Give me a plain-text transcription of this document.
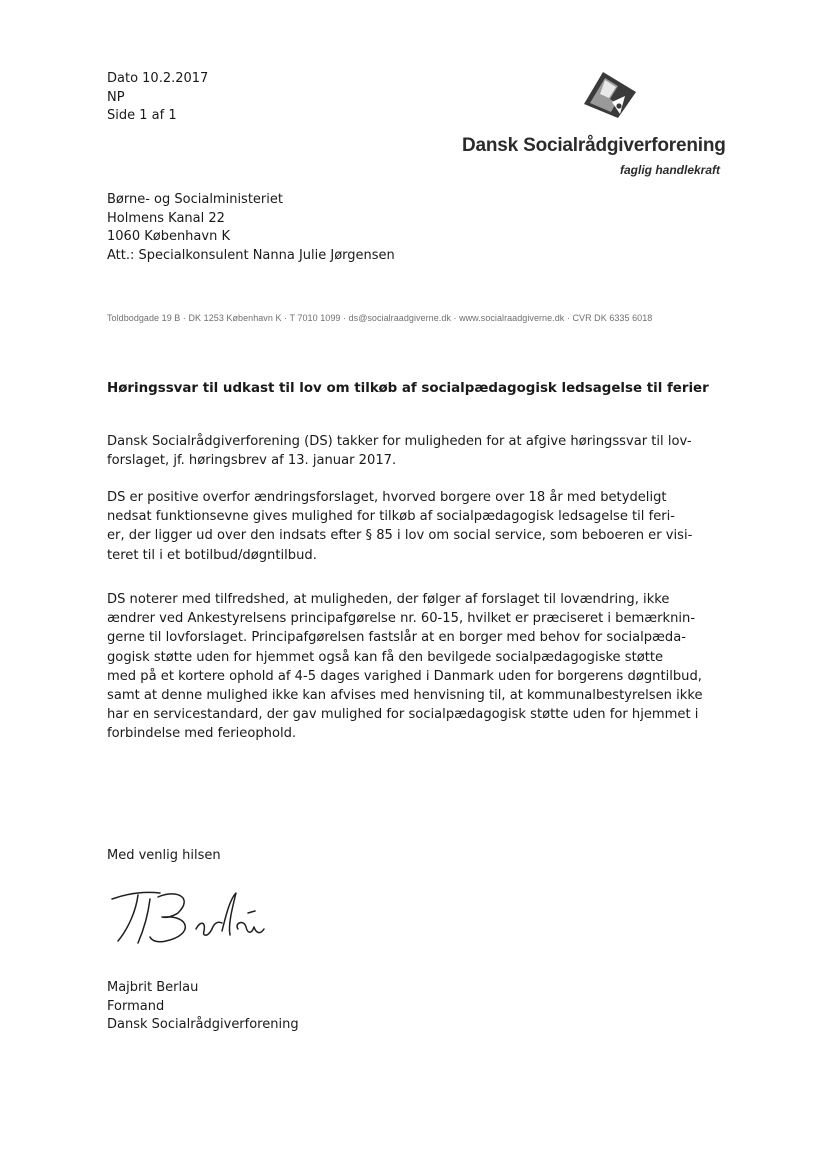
Dato 10.2.2017
NP
Side 1 af 1
Dansk Socialrådgiverforening
faglig handlekraft
Børne- og Socialministeriet
Holmens Kanal 22
1060 København K
Att.: Specialkonsulent Nanna Julie Jørgensen
Toldbodgade 19 B · DK 1253 København K · T 7010 1099 · ds@socialraadgiverne.dk · www.socialraadgiverne.dk · CVR DK 6335 6018
Høringssvar til udkast til lov om tilkøb af socialpædagogisk ledsagelse til ferier
Dansk Socialrådgiverforening (DS) takker for muligheden for at afgive høringssvar til lov-
forslaget, jf. høringsbrev af 13. januar 2017.
DS er positive overfor ændringsforslaget, hvorved borgere over 18 år med betydeligt
nedsat funktionsevne gives mulighed for tilkøb af socialpædagogisk ledsagelse til feri-
er, der ligger ud over den indsats efter § 85 i lov om social service, som beboeren er visi-
teret til i et botilbud/døgntilbud.
DS noterer med tilfredshed, at muligheden, der følger af forslaget til lovændring, ikke
ændrer ved Ankestyrelsens principafgørelse nr. 60-15, hvilket er præciseret i bemærknin-
gerne til lovforslaget. Principafgørelsen fastslår at en borger med behov for socialpæda-
gogisk støtte uden for hjemmet også kan få den bevilgede socialpædagogiske støtte
med på et kortere ophold af 4-5 dages varighed i Danmark uden for borgerens døgntilbud,
samt at denne mulighed ikke kan afvises med henvisning til, at kommunalbestyrelsen ikke
har en servicestandard, der gav mulighed for socialpædagogisk støtte uden for hjemmet i
forbindelse med ferieophold.
Med venlig hilsen
Majbrit Berlau
Formand
Dansk Socialrådgiverforening
